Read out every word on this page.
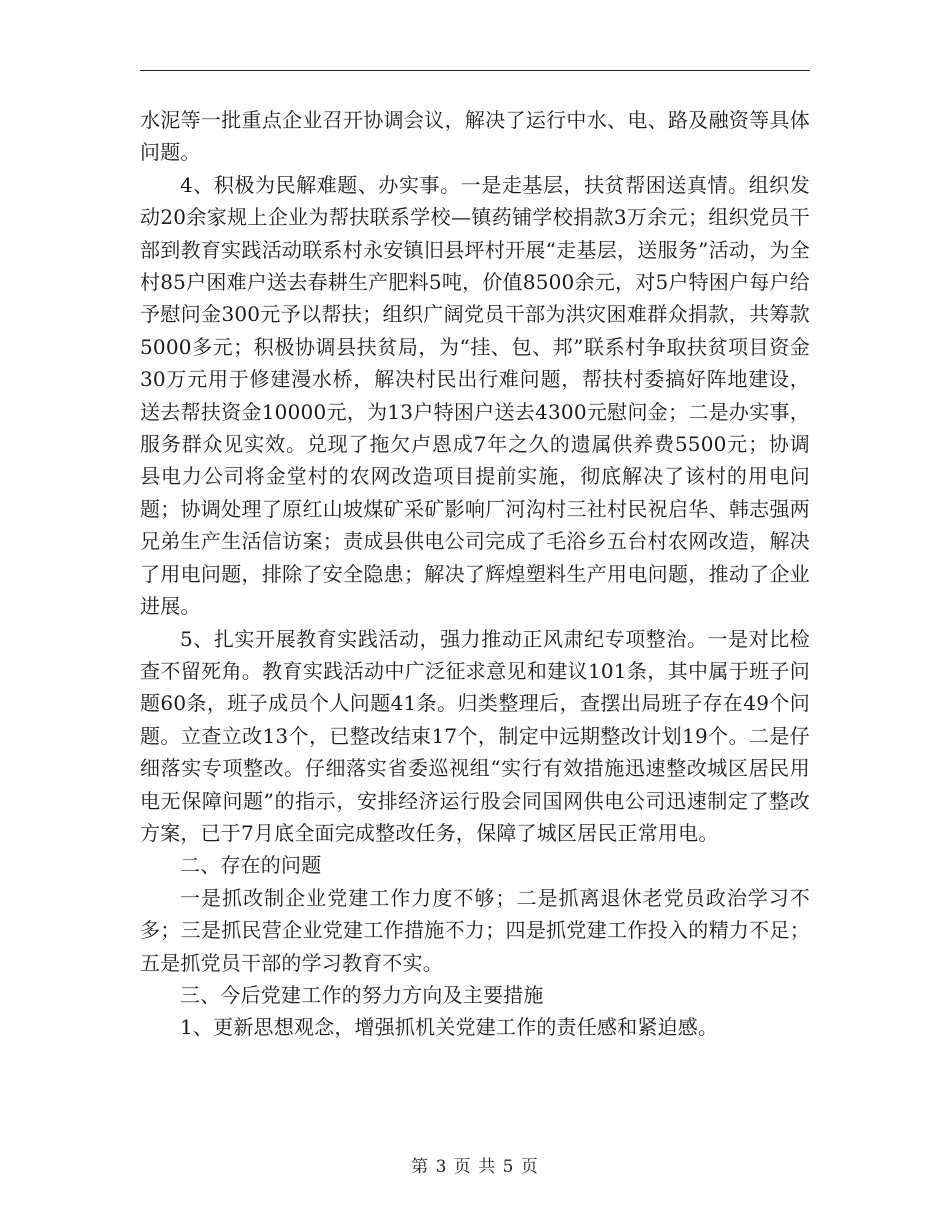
水泥等一批重点企业召开协调会议，解决了运行中水、电、路及融资等具体问题。

4、积极为民解难题、办实事。一是走基层，扶贫帮困送真情。组织发动20余家规上企业为帮扶联系学校—镇药铺学校捐款3万余元；组织党员干部到教育实践活动联系村永安镇旧县坪村开展“走基层，送服务”活动，为全村85户困难户送去春耕生产肥料5吨，价值8500余元，对5户特困户每户给予慰问金300元予以帮扶；组织广阔党员干部为洪灾困难群众捐款，共筹款5000多元；积极协调县扶贫局，为“挂、包、邦”联系村争取扶贫项目资金30万元用于修建漫水桥，解决村民出行难问题，帮扶村委搞好阵地建设，送去帮扶资金10000元，为13户特困户送去4300元慰问金；二是办实事，服务群众见实效。兑现了拖欠卢恩成7年之久的遗属供养费5500元；协调县电力公司将金堂村的农网改造项目提前实施，彻底解决了该村的用电问题；协调处理了原红山坡煤矿采矿影响厂河沟村三社村民祝启华、韩志强两兄弟生产生活信访案；责成县供电公司完成了毛浴乡五台村农网改造，解决了用电问题，排除了安全隐患；解决了辉煌塑料生产用电问题，推动了企业进展。

5、扎实开展教育实践活动，强力推动正风肃纪专项整治。一是对比检查不留死角。教育实践活动中广泛征求意见和建议101条，其中属于班子问题60条，班子成员个人问题41条。归类整理后，查摆出局班子存在49个问题。立查立改13个，已整改结束17个，制定中远期整改计划19个。二是仔细落实专项整改。仔细落实省委巡视组“实行有效措施迅速整改城区居民用电无保障问题”的指示，安排经济运行股会同国网供电公司迅速制定了整改方案，已于7月底全面完成整改任务，保障了城区居民正常用电。

二、存在的问题

一是抓改制企业党建工作力度不够；二是抓离退休老党员政治学习不多；三是抓民营企业党建工作措施不力；四是抓党建工作投入的精力不足；五是抓党员干部的学习教育不实。

三、今后党建工作的努力方向及主要措施

1、更新思想观念，增强抓机关党建工作的责任感和紧迫感。

第 3 页 共 5 页
